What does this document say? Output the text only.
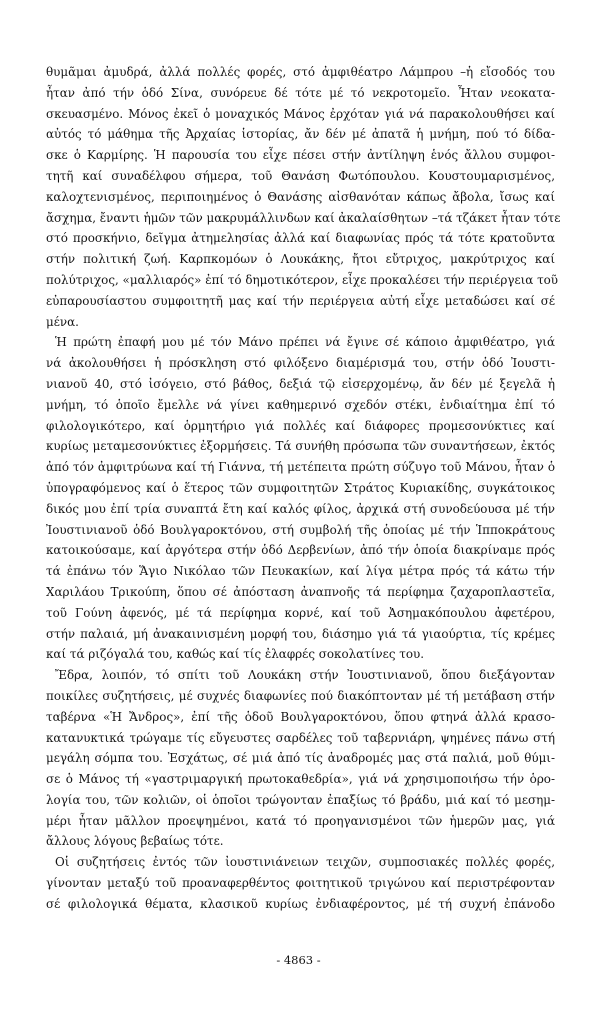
θυμᾶμαι ἀμυδρά, ἀλλά πολλές φορές, στό ἀμφιθέατρο Λάμπρου –ἡ εἴσοδός του
ἦταν ἀπό τήν ὁδό Σίνα, συνόρευε δέ τότε μέ τό νεκροτομεῖο. Ἦταν νεοκατα-
σκευασμένο. Μόνος ἐκεῖ ὁ μοναχικός Μάνος ἐρχόταν γιά νά παρακολουθήσει καί
αὐτός τό μάθημα τῆς Ἀρχαίας ἱστορίας, ἄν δέν μέ ἀπατᾶ ἡ μνήμη, πού τό δίδα-
σκε ὁ Καρμίρης. Ἡ παρουσία του εἶχε πέσει στήν ἀντίληψη ἑνός ἄλλου συμφοι-
τητῆ καί συναδέλφου σήμερα, τοῦ Θανάση Φωτόπουλου. Κουστουμαρισμένος,
καλοχτενισμένος, περιποιημένος ὁ Θανάσης αἰσθανόταν κάπως ἄβολα, ἴσως καί
ἄσχημα, ἔναντι ἡμῶν τῶν μακρυμάλλινδων καί ἀκαλαίσθητων –τά τζάκετ ἦταν τότε
στό προσκήνιο, δεῖγμα ἀτημελησίας ἀλλά καί διαφωνίας πρός τά τότε κρατοῦντα
στήν πολιτική ζωή. Καρπκομόων ὁ Λουκάκης, ἤτοι εὔτριχος, μακρύτριχος καί
πολύτριχος, «μαλλιαρός» ἐπί τό δημοτικότερον, εἶχε προκαλέσει τήν περιέργεια τοῦ
εὐπαρουσίαστου συμφοιτητῆ μας καί τήν περιέργεια αὐτή εἶχε μεταδώσει καί σέ
μένα.
Ἡ πρώτη ἐπαφή μου μέ τόν Μάνο πρέπει νά ἔγινε σέ κάποιο ἀμφιθέατρο, γιά
νά ἀκολουθήσει ἡ πρόσκληση στό φιλόξενο διαμέρισμά του, στήν ὁδό Ἰουστι-
νιανοῦ 40, στό ἰσόγειο, στό βάθος, δεξιά τῷ εἰσερχομένῳ, ἄν δέν μέ ξεγελᾶ ἡ
μνήμη, τό ὁποῖο ἔμελλε νά γίνει καθημερινό σχεδόν στέκι, ἐνδιαίτημα ἐπί τό
φιλολογικότερο, καί ὁρμητήριο γιά πολλές καί διάφορες προμεσονύκτιες καί
κυρίως μεταμεσονύκτιες ἐξορμήσεις. Τά συνήθη πρόσωπα τῶν συναντήσεων, ἐκτός
ἀπό τόν ἀμφιτρύωνα καί τή Γιάννα, τή μετέπειτα πρώτη σύζυγο τοῦ Μάνου, ἦταν ὁ
ὑπογραφόμενος καί ὁ ἕτερος τῶν συμφοιτητῶν Στράτος Κυριακίδης, συγκάτοικος
δικός μου ἐπί τρία συναπτά ἔτη καί καλός φίλος, ἀρχικά στή συνοδεύουσα μέ τήν
Ἰουστινιανοῦ ὁδό Βουλγαροκτόνου, στή συμβολή τῆς ὁποίας μέ τήν Ἱπποκράτους
κατοικούσαμε, καί ἀργότερα στήν ὁδό Δερβενίων, ἀπό τήν ὁποία διακρίναμε πρός
τά ἐπάνω τόν Ἅγιο Νικόλαο τῶν Πευκακίων, καί λίγα μέτρα πρός τά κάτω τήν
Χαριλάου Τρικούπη, ὅπου σέ ἀπόσταση ἀναπνοῆς τά περίφημα ζαχαροπλαστεῖα,
τοῦ Γούνη ἀφενός, μέ τά περίφημα κορνέ, καί τοῦ Ἀσημακόπουλου ἀφετέρου,
στήν παλαιά, μή ἀνακαινισμένη μορφή του, διάσημο γιά τά γιαούρτια, τίς κρέμες
καί τά ριζόγαλά του, καθώς καί τίς ἐλαφρές σοκολατίνες του.
Ἔδρα, λοιπόν, τό σπίτι τοῦ Λουκάκη στήν Ἰουστινιανοῦ, ὅπου διεξάγονταν
ποικίλες συζητήσεις, μέ συχνές διαφωνίες πού διακόπτονταν μέ τή μετάβαση στήν
ταβέρνα «Ἡ Ἄνδρος», ἐπί τῆς ὁδοῦ Βουλγαροκτόνου, ὅπου φτηνά ἀλλά κρασο-
κατανυκτικά τρώγαμε τίς εὔγευστες σαρδέλες τοῦ ταβερνιάρη, ψημένες πάνω στή
μεγάλη σόμπα του. Ἐσχάτως, σέ μιά ἀπό τίς ἀναδρομές μας στά παλιά, μοῦ θύμι-
σε ὁ Μάνος τή «γαστριμαργική πρωτοκαθεδρία», γιά νά χρησιμοποιήσω τήν ὁρο-
λογία του, τῶν κολιῶν, οἱ ὁποῖοι τρώγονταν ἐπαξίως τό βράδυ, μιά καί τό μεσημ-
μέρι ἦταν μᾶλλον προεψημένοι, κατά τό προηγανισμένοι τῶν ἡμερῶν μας, γιά
ἄλλους λόγους βεβαίως τότε.
Οἱ συζητήσεις ἐντός τῶν ἰουστινιάνειων τειχῶν, συμποσιακές πολλές φορές,
γίνονταν μεταξύ τοῦ προαναφερθέντος φοιτητικοῦ τριγώνου καί περιστρέφονταν
σέ φιλολογικά θέματα, κλασικοῦ κυρίως ἐνδιαφέροντος, μέ τή συχνή ἐπάνοδο
- 4863 -
